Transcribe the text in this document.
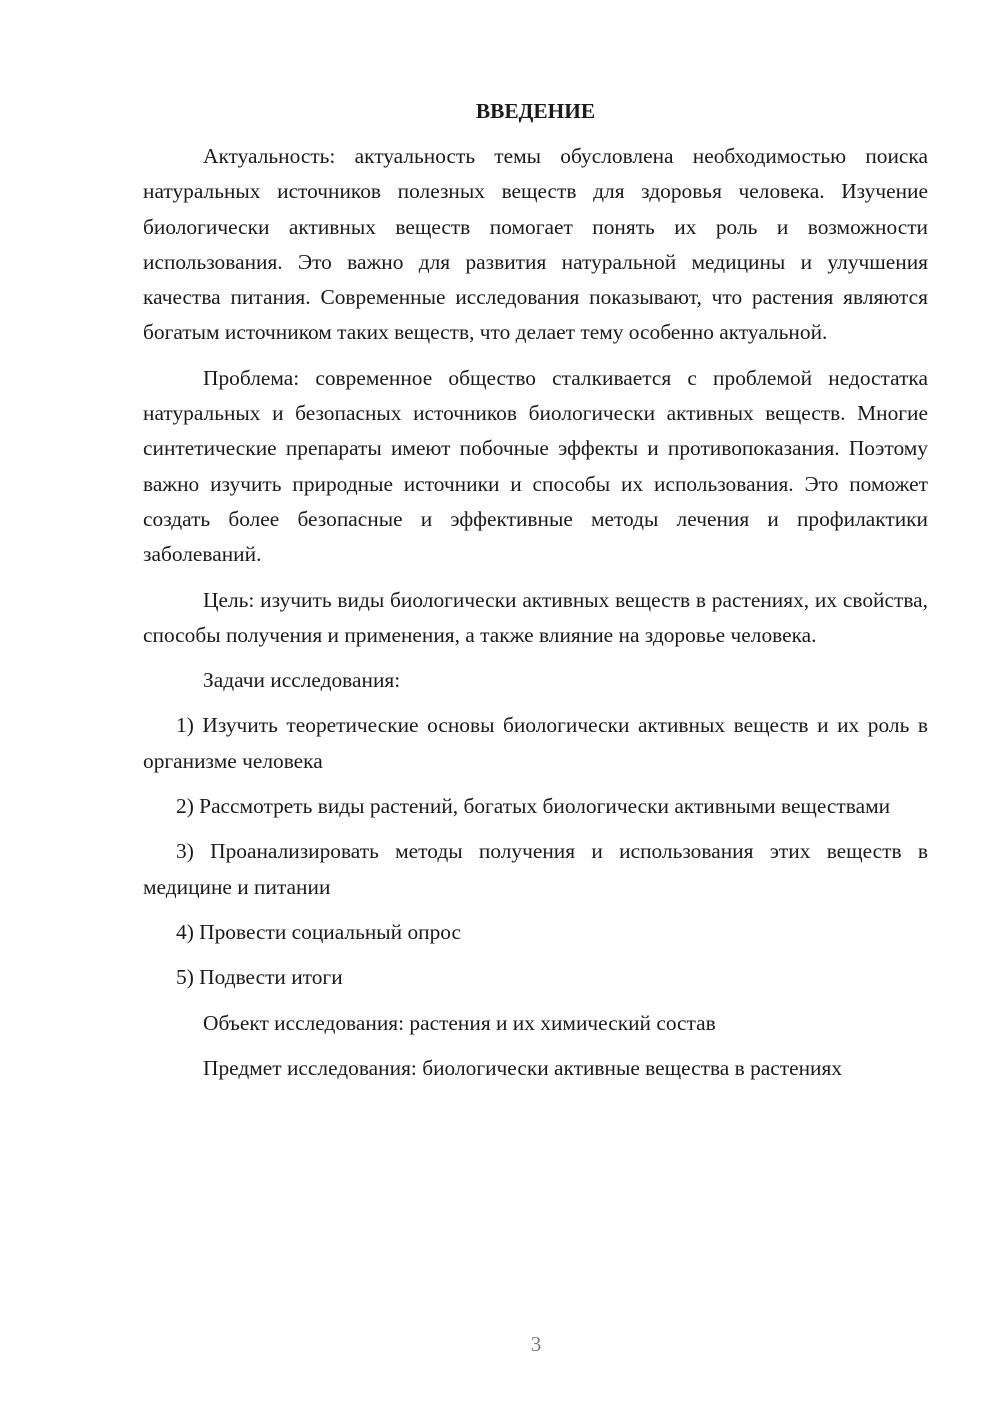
ВВЕДЕНИЕ

Актуальность: актуальность темы обусловлена необходимостью поиска натуральных источников полезных веществ для здоровья человека. Изучение биологически активных веществ помогает понять их роль и возможности использования. Это важно для развития натуральной медицины и улучшения качества питания. Современные исследования показывают, что растения являются богатым источником таких веществ, что делает тему особенно актуальной.

Проблема: современное общество сталкивается с проблемой недостатка натуральных и безопасных источников биологически активных веществ. Многие синтетические препараты имеют побочные эффекты и противопоказания. Поэтому важно изучить природные источники и способы их использования. Это поможет создать более безопасные и эффективные методы лечения и профилактики заболеваний.

Цель: изучить виды биологически активных веществ в растениях, их свойства, способы получения и применения, а также влияние на здоровье человека.

Задачи исследования:

1) Изучить теоретические основы биологически активных веществ и их роль в организме человека

2) Рассмотреть виды растений, богатых биологически активными веществами

3) Проанализировать методы получения и использования этих веществ в медицине и питании

4) Провести социальный опрос

5) Подвести итоги

Объект исследования: растения и их химический состав

Предмет исследования: биологически активные вещества в растениях

3
